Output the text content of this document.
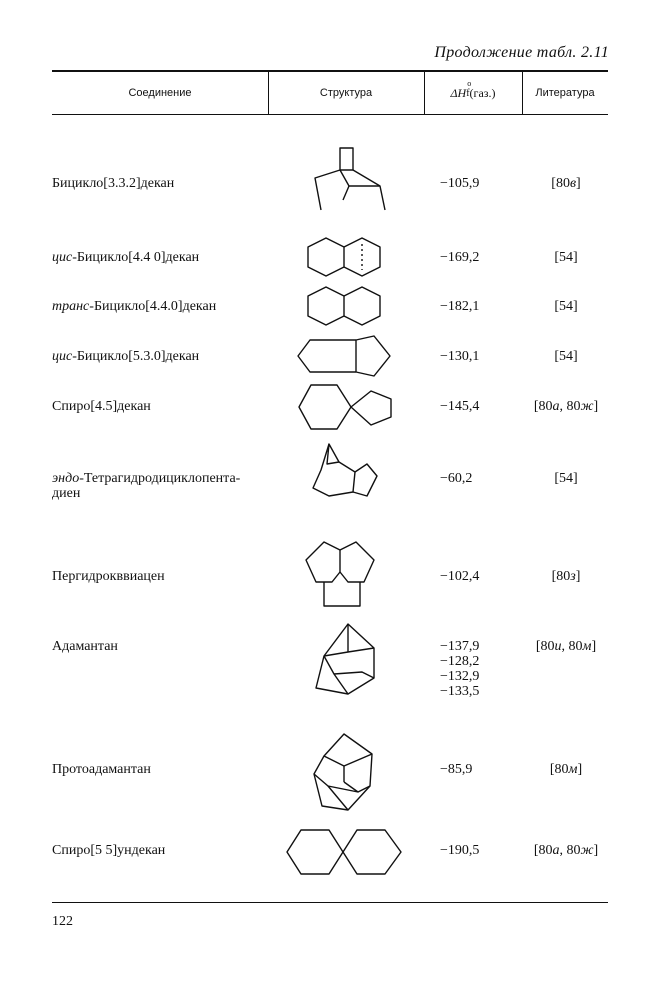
Продолжение табл. 2.11
Соединение	Структура	ΔH
o f (газ.)	Литература
Бицикло[3.3.2]декан	−105,9	[80в]
цис-Бицикло[4.4 0]декан	−169,2	[54]
транс-Бицикло[4.4.0]декан	−182,1	[54]
цис-Бицикло[5.3.0]декан	−130,1	[54]
Спиро[4.5]декан	−145,4	[80а, 80ж]
эндо-Тетрагидродициклопента-диен
−60,2	[54]
Пергидрокввиацен	−102,4	[80з]
Адамантан	−137,9
−128,2
−132,9
−133,5
[80и, 80м]
Протоадамантан	−85,9	[80м]
Спиро[5 5]ундекан	−190,5	[80а, 80ж]
122
